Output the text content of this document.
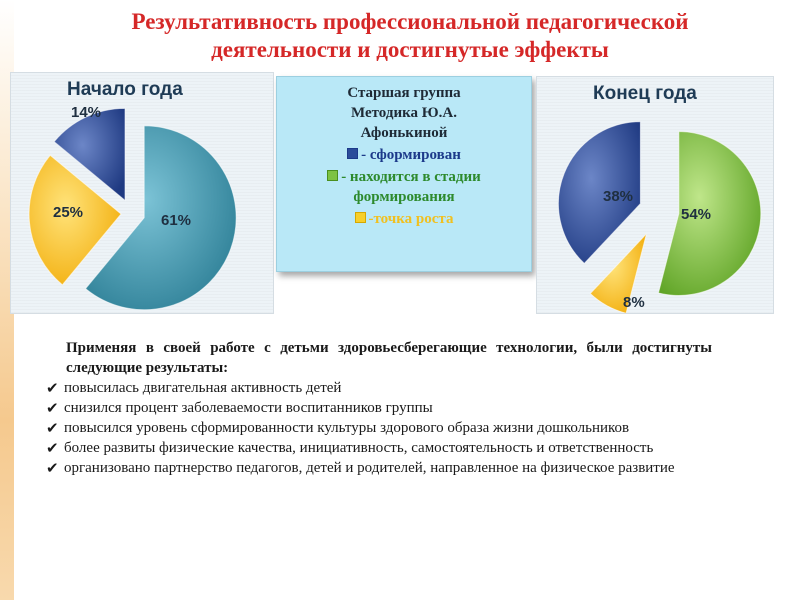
Результативность профессиональной педагогической
деятельности и достигнутые эффекты
Начало года
14%
25%	61%
Старшая группа
Методика Ю.А.
Афонькиной
- сформирован
- находится в стадии
формирования
-точка роста
Конец года
38%
54%
8%
Применяя в своей работе с детьми здоровьесберегающие технологии, были достигнуты следующие результаты:
✔ повысилась двигательная активность детей
✔ снизился процент заболеваемости воспитанников группы
✔ повысился уровень сформированности культуры здорового образа жизни дошкольников
✔ более развиты физические качества, инициативность, самостоятельность и ответственность
✔ организовано партнерство педагогов, детей и родителей, направленное на физическое развитие
